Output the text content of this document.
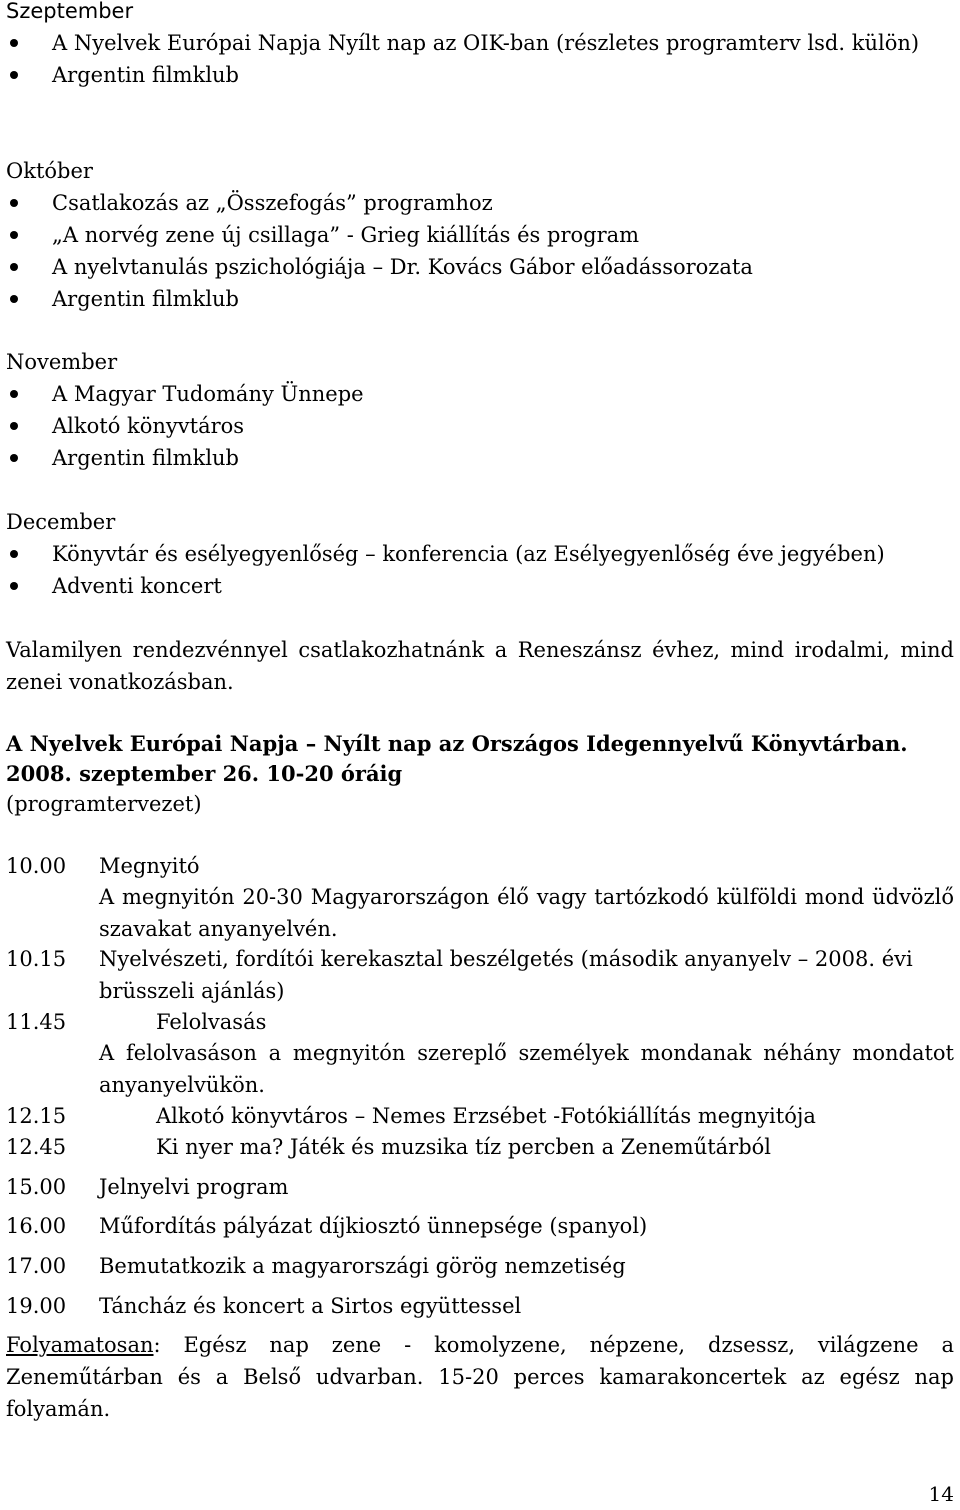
Szeptember
A Nyelvek Európai Napja Nyílt nap az OIK-ban (részletes programterv lsd. külön)
Argentin filmklub
Október
Csatlakozás az „Összefogás” programhoz
„A norvég zene új csillaga” - Grieg kiállítás és program
A nyelvtanulás pszichológiája – Dr. Kovács Gábor előadássorozata
Argentin filmklub
November
A Magyar Tudomány Ünnepe
Alkotó könyvtáros
Argentin filmklub
December
Könyvtár és esélyegyenlőség – konferencia (az Esélyegyenlőség éve jegyében)
Adventi koncert
Valamilyen rendezvénnyel csatlakozhatnánk a Reneszánsz évhez, mind irodalmi, mind zenei vonatkozásban.
A Nyelvek Európai Napja – Nyílt nap az Országos Idegennyelvű Könyvtárban.
2008. szeptember 26. 10-20 óráig
(programtervezet)
10.00 Megnyitó
A megnyitón 20-30 Magyarországon élő vagy tartózkodó külföldi mond üdvözlő szavakat anyanyelvén.
10.15 Nyelvészeti, fordítói kerekasztal beszélgetés (második anyanyelv – 2008. évi brüsszeli ajánlás)
11.45	Felolvasás
A felolvasáson a megnyitón szereplő személyek mondanak néhány mondatot anyanyelvükön.
12.15	Alkotó könyvtáros – Nemes Erzsébet -Fotókiállítás megnyitója
12.45	Ki nyer ma? Játék és muzsika tíz percben a Zeneműtárból
15.00 Jelnyelvi program
16.00 Műfordítás pályázat díjkiosztó ünnepsége (spanyol)
17.00 Bemutatkozik a magyarországi görög nemzetiség
19.00 Táncház és koncert a Sirtos együttessel
Folyamatosan: Egész nap zene - komolyzene, népzene, dzsessz, világzene a Zeneműtárban és a Belső udvarban. 15-20 perces kamarakoncertek az egész nap folyamán.
14
